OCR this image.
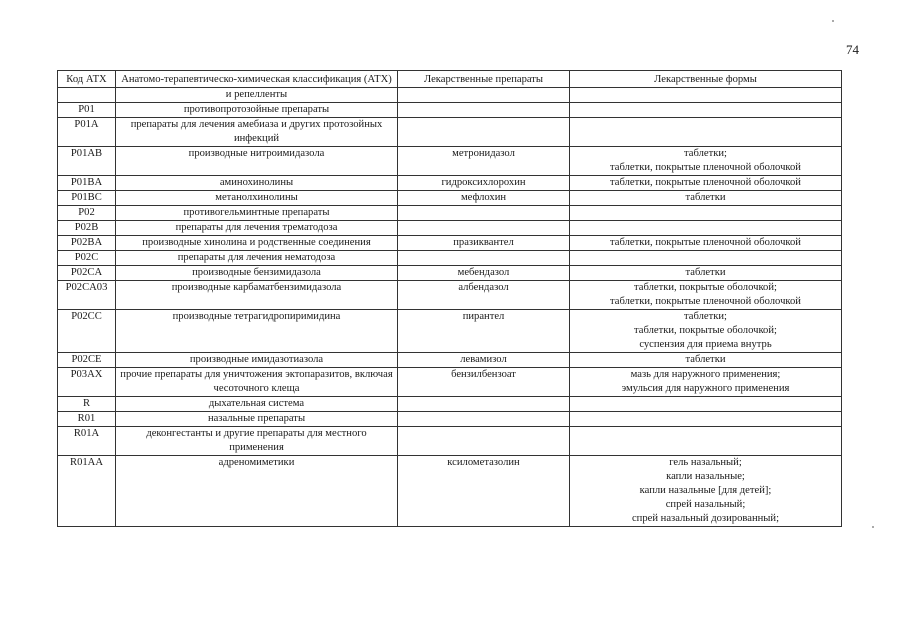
74
Код АТХ	Анатомо-терапевтическо-химическая классификация (АТХ)	Лекарственные препараты	Лекарственные формы
	и репелленты		
P01	противопротозойные препараты		
P01A	препараты для лечения амебиаза и других протозойных инфекций		
P01AB	производные нитроимидазола	метронидазол	таблетки;
таблетки, покрытые пленочной оболочкой
P01BA	аминохинолины	гидроксихлорохин	таблетки, покрытые пленочной оболочкой
P01BC	метанолхинолины	мефлохин	таблетки
P02	противогельминтные препараты		
P02B	препараты для лечения трематодоза		
P02BA	производные хинолина и родственные соединения	празиквантел	таблетки, покрытые пленочной оболочкой
P02C	препараты для лечения нематодоза		
P02CA	производные бензимидазола	мебендазол	таблетки
P02CA03	производные карбаматбензимидазола	албендазол	таблетки, покрытые оболочкой;
таблетки, покрытые пленочной оболочкой
P02CC	производные тетрагидропиримидина	пирантел	таблетки;
таблетки, покрытые оболочкой;
суспензия для приема внутрь
P02CE	производные имидазотиазола	левамизол	таблетки
P03AX	прочие препараты для уничтожения эктопаразитов, включая чесоточного клеща	бензилбензоат	мазь для наружного применения;
эмульсия для наружного применения
R	дыхательная система		
R01	назальные препараты		
R01A	деконгестанты и другие препараты для местного применения		
R01AA	адреномиметики	ксилометазолин	гель назальный;
капли назальные;
капли назальные [для детей];
спрей назальный;
спрей назальный дозированный;
